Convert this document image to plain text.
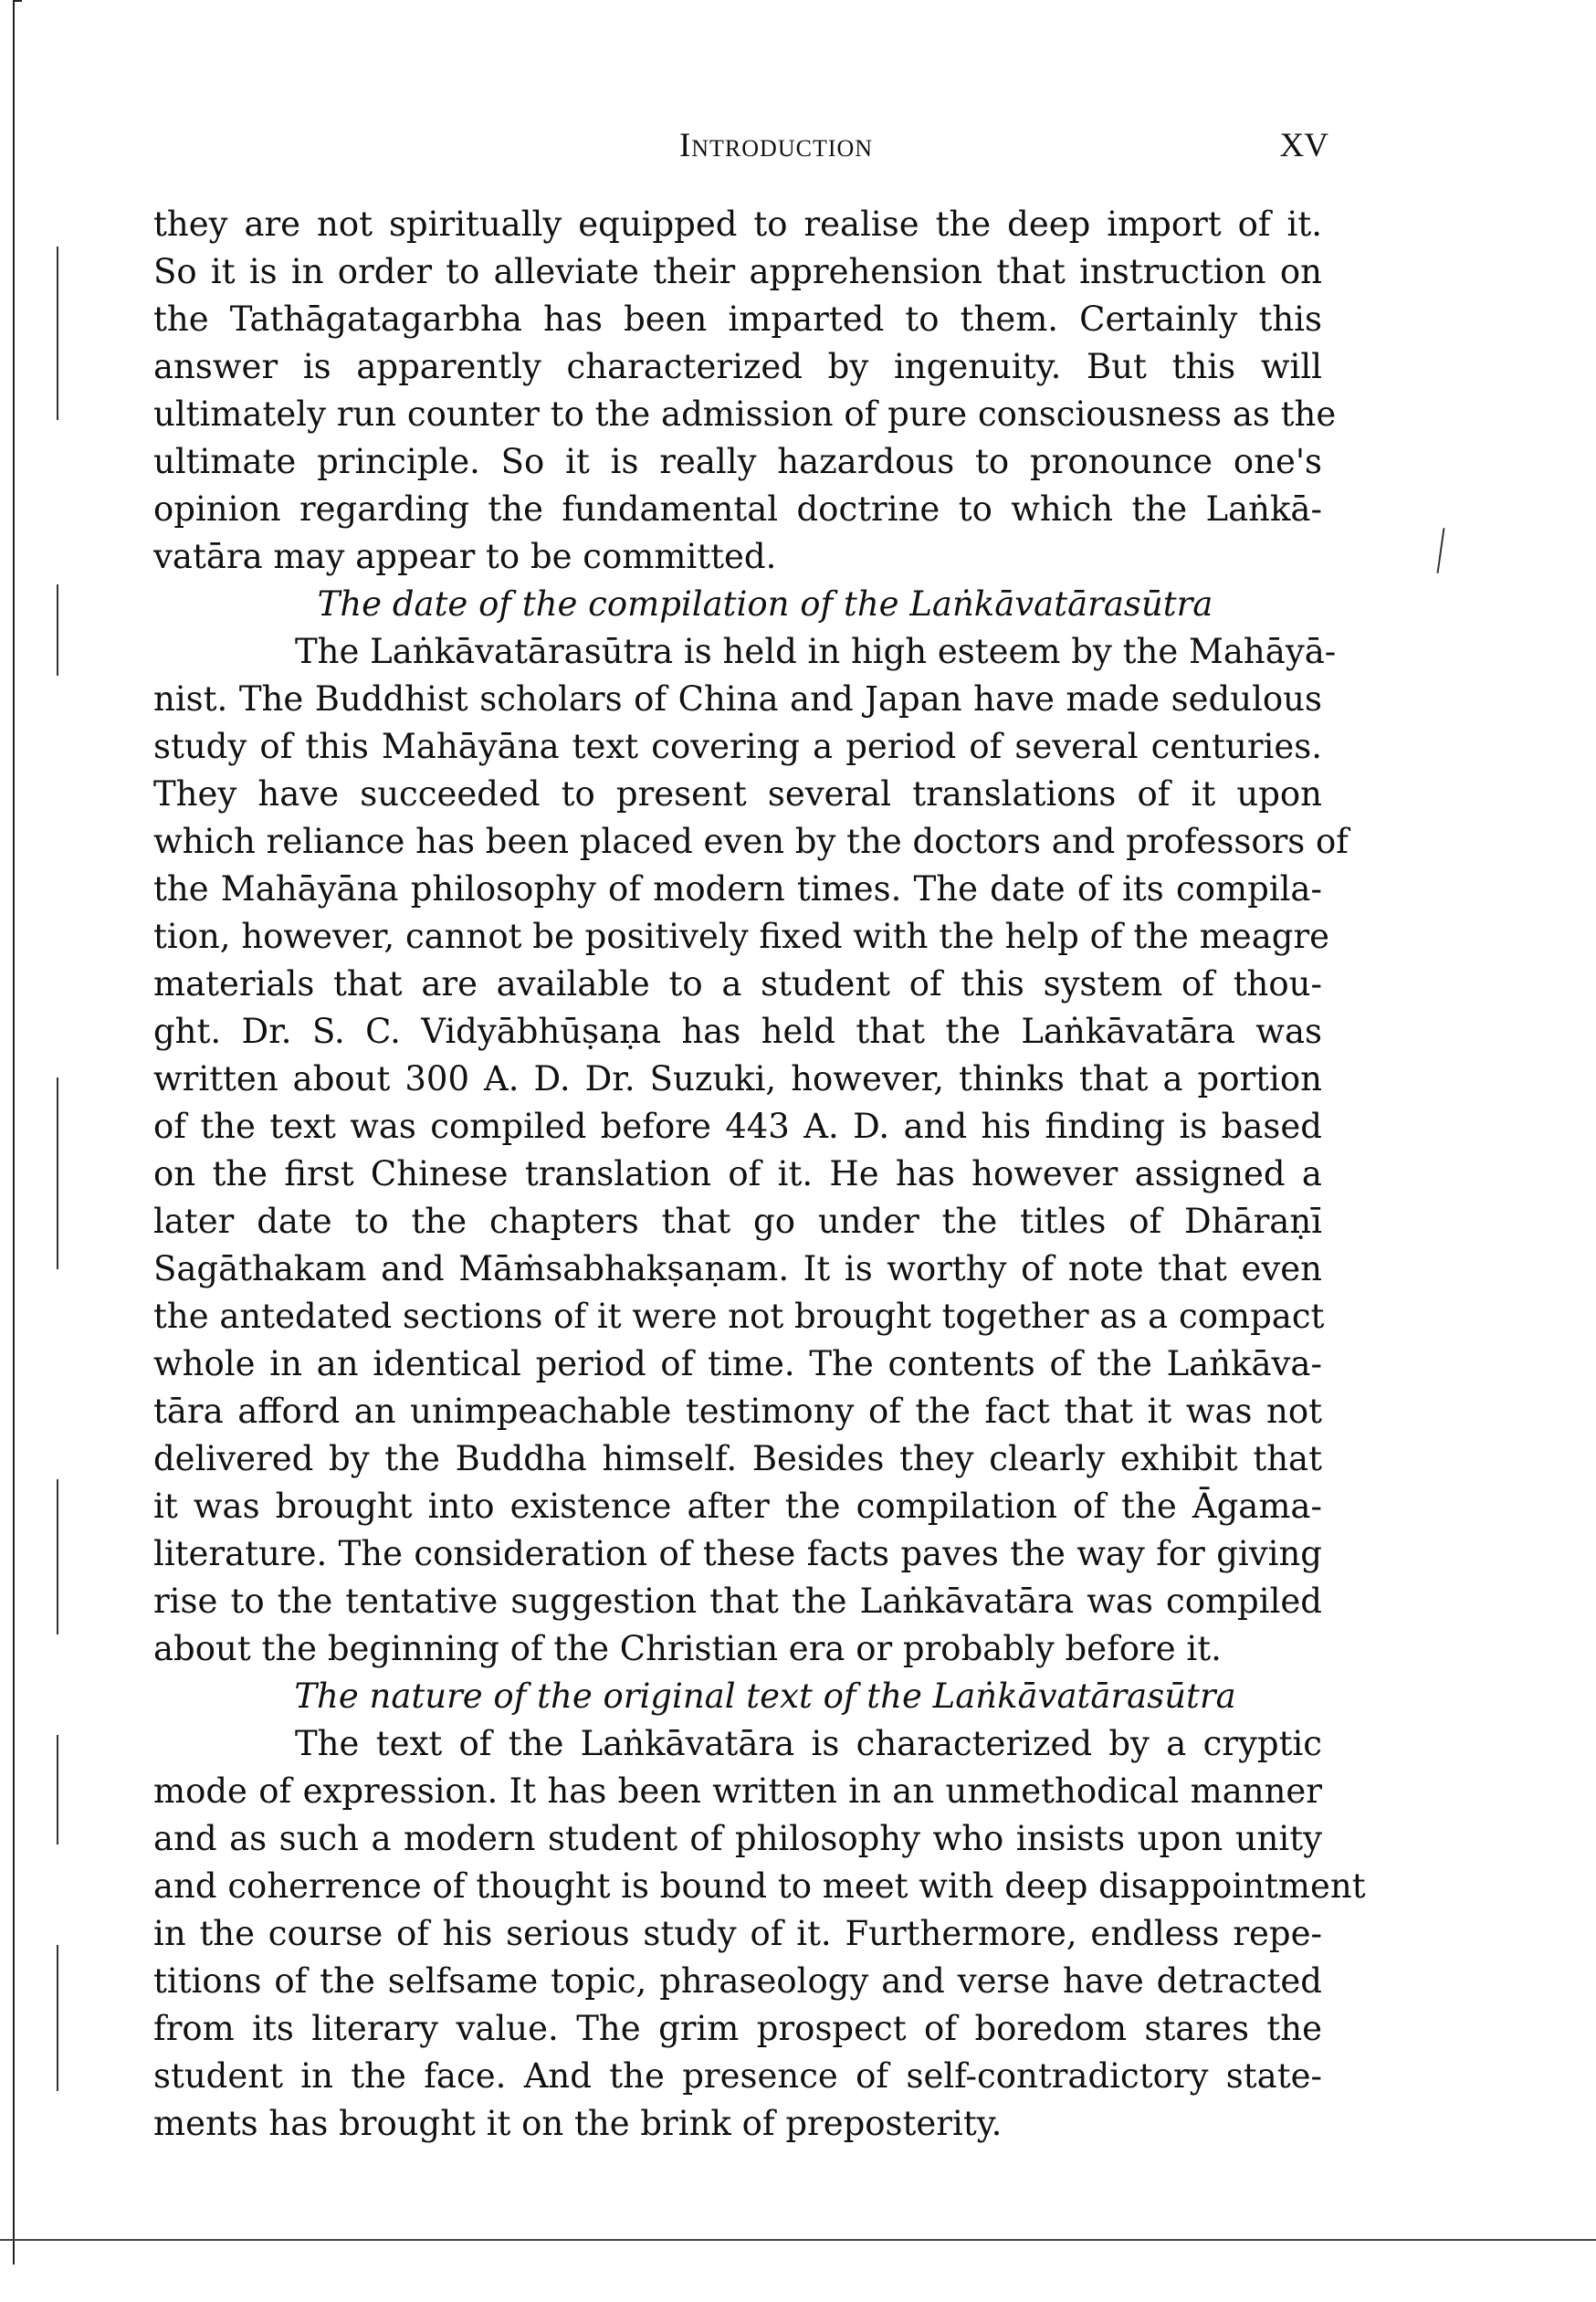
Introduction	XV
they are not spiritually equipped to realise the deep import of it.
So it is in order to alleviate their apprehension that instruction on
the Tathāgatagarbha has been imparted to them. Certainly this
answer is apparently characterized by ingenuity. But this will
ultimately run counter to the admission of pure consciousness as the
ultimate principle. So it is really hazardous to pronounce one's
opinion regarding the fundamental doctrine to which the Laṅkā-
vatāra may appear to be committed.
The date of the compilation of the Laṅkāvatārasūtra
The Laṅkāvatārasūtra is held in high esteem by the Mahāyā-
nist. The Buddhist scholars of China and Japan have made sedulous
study of this Mahāyāna text covering a period of several centuries.
They have succeeded to present several translations of it upon
which reliance has been placed even by the doctors and professors of
the Mahāyāna philosophy of modern times. The date of its compila-
tion, however, cannot be positively fixed with the help of the meagre
materials that are available to a student of this system of thou-
ght. Dr. S. C. Vidyābhūṣaṇa has held that the Laṅkāvatāra was
written about 300 A. D. Dr. Suzuki, however, thinks that a portion
of the text was compiled before 443 A. D. and his finding is based
on the first Chinese translation of it. He has however assigned a
later date to the chapters that go under the titles of Dhāraṇī
Sagāthakam and Māṁsabhakṣaṇam. It is worthy of note that even
the antedated sections of it were not brought together as a compact
whole in an identical period of time. The contents of the Laṅkāva-
tāra afford an unimpeachable testimony of the fact that it was not
delivered by the Buddha himself. Besides they clearly exhibit that
it was brought into existence after the compilation of the Āgama-
literature. The consideration of these facts paves the way for giving
rise to the tentative suggestion that the Laṅkāvatāra was compiled
about the beginning of the Christian era or probably before it.
The nature of the original text of the Laṅkāvatārasūtra
The text of the Laṅkāvatāra is characterized by a cryptic
mode of expression. It has been written in an unmethodical manner
and as such a modern student of philosophy who insists upon unity
and coherrence of thought is bound to meet with deep disappointment
in the course of his serious study of it. Furthermore, endless repe-
titions of the selfsame topic, phraseology and verse have detracted
from its literary value. The grim prospect of boredom stares the
student in the face. And the presence of self-contradictory state-
ments has brought it on the brink of preposterity.
